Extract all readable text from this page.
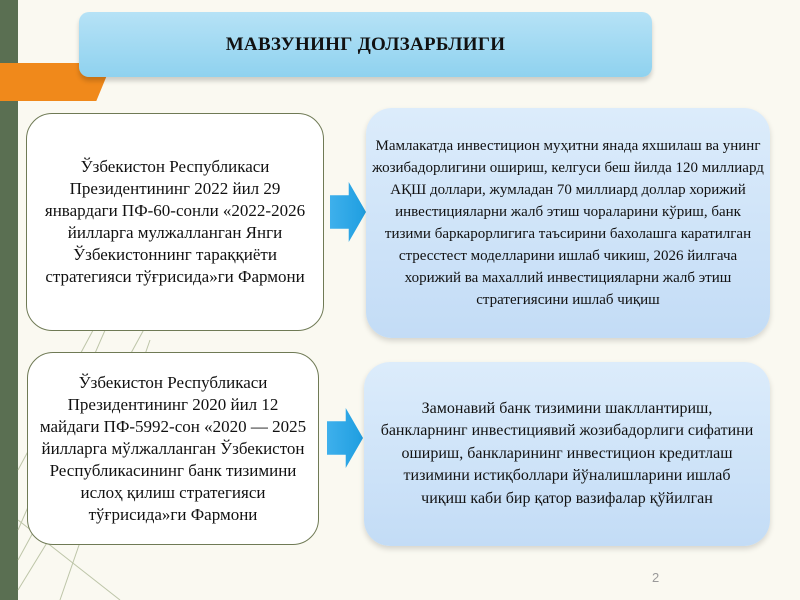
МАВЗУНИНГ ДОЛЗАРБЛИГИ
Ўзбекистон Республикаси Президентининг 2022 йил 29 январдаги ПФ-60-сонли «2022-2026 йилларга мулжалланган Янги Ўзбекистоннинг тараққиёти стратегияси тўғрисида»ги Фармони
Ўзбекистон Республикаси Президентининг 2020 йил 12 майдаги ПФ-5992-сон «2020 — 2025 йилларга мўлжалланган Ўзбекистон Республикасининг банк тизимини ислоҳ қилиш стратегияси тўғрисида»ги Фармони
Мамлакатда инвестицион муҳитни янада яхшилаш ва унинг жозибадорлигини ошириш, келгуси беш йилда 120 миллиард АҚШ доллари, жумладан 70 миллиард доллар хорижий инвестицияларни жалб этиш чораларини кўриш, банк тизими баркарорлигига таъсирини бахолашга каратилган стресстест моделларини ишлаб чикиш, 2026 йилгача хорижий ва махаллий инвестицияларни жалб этиш стратегиясини ишлаб чиқиш
Замонавий банк тизимини шакллантириш, банкларнинг инвестициявий жозибадорлиги сифатини ошириш, банкларининг инвестицион кредитлаш тизимини истиқболлари йўналишларини ишлаб чиқиш каби бир қатор вазифалар қўйилган
2
